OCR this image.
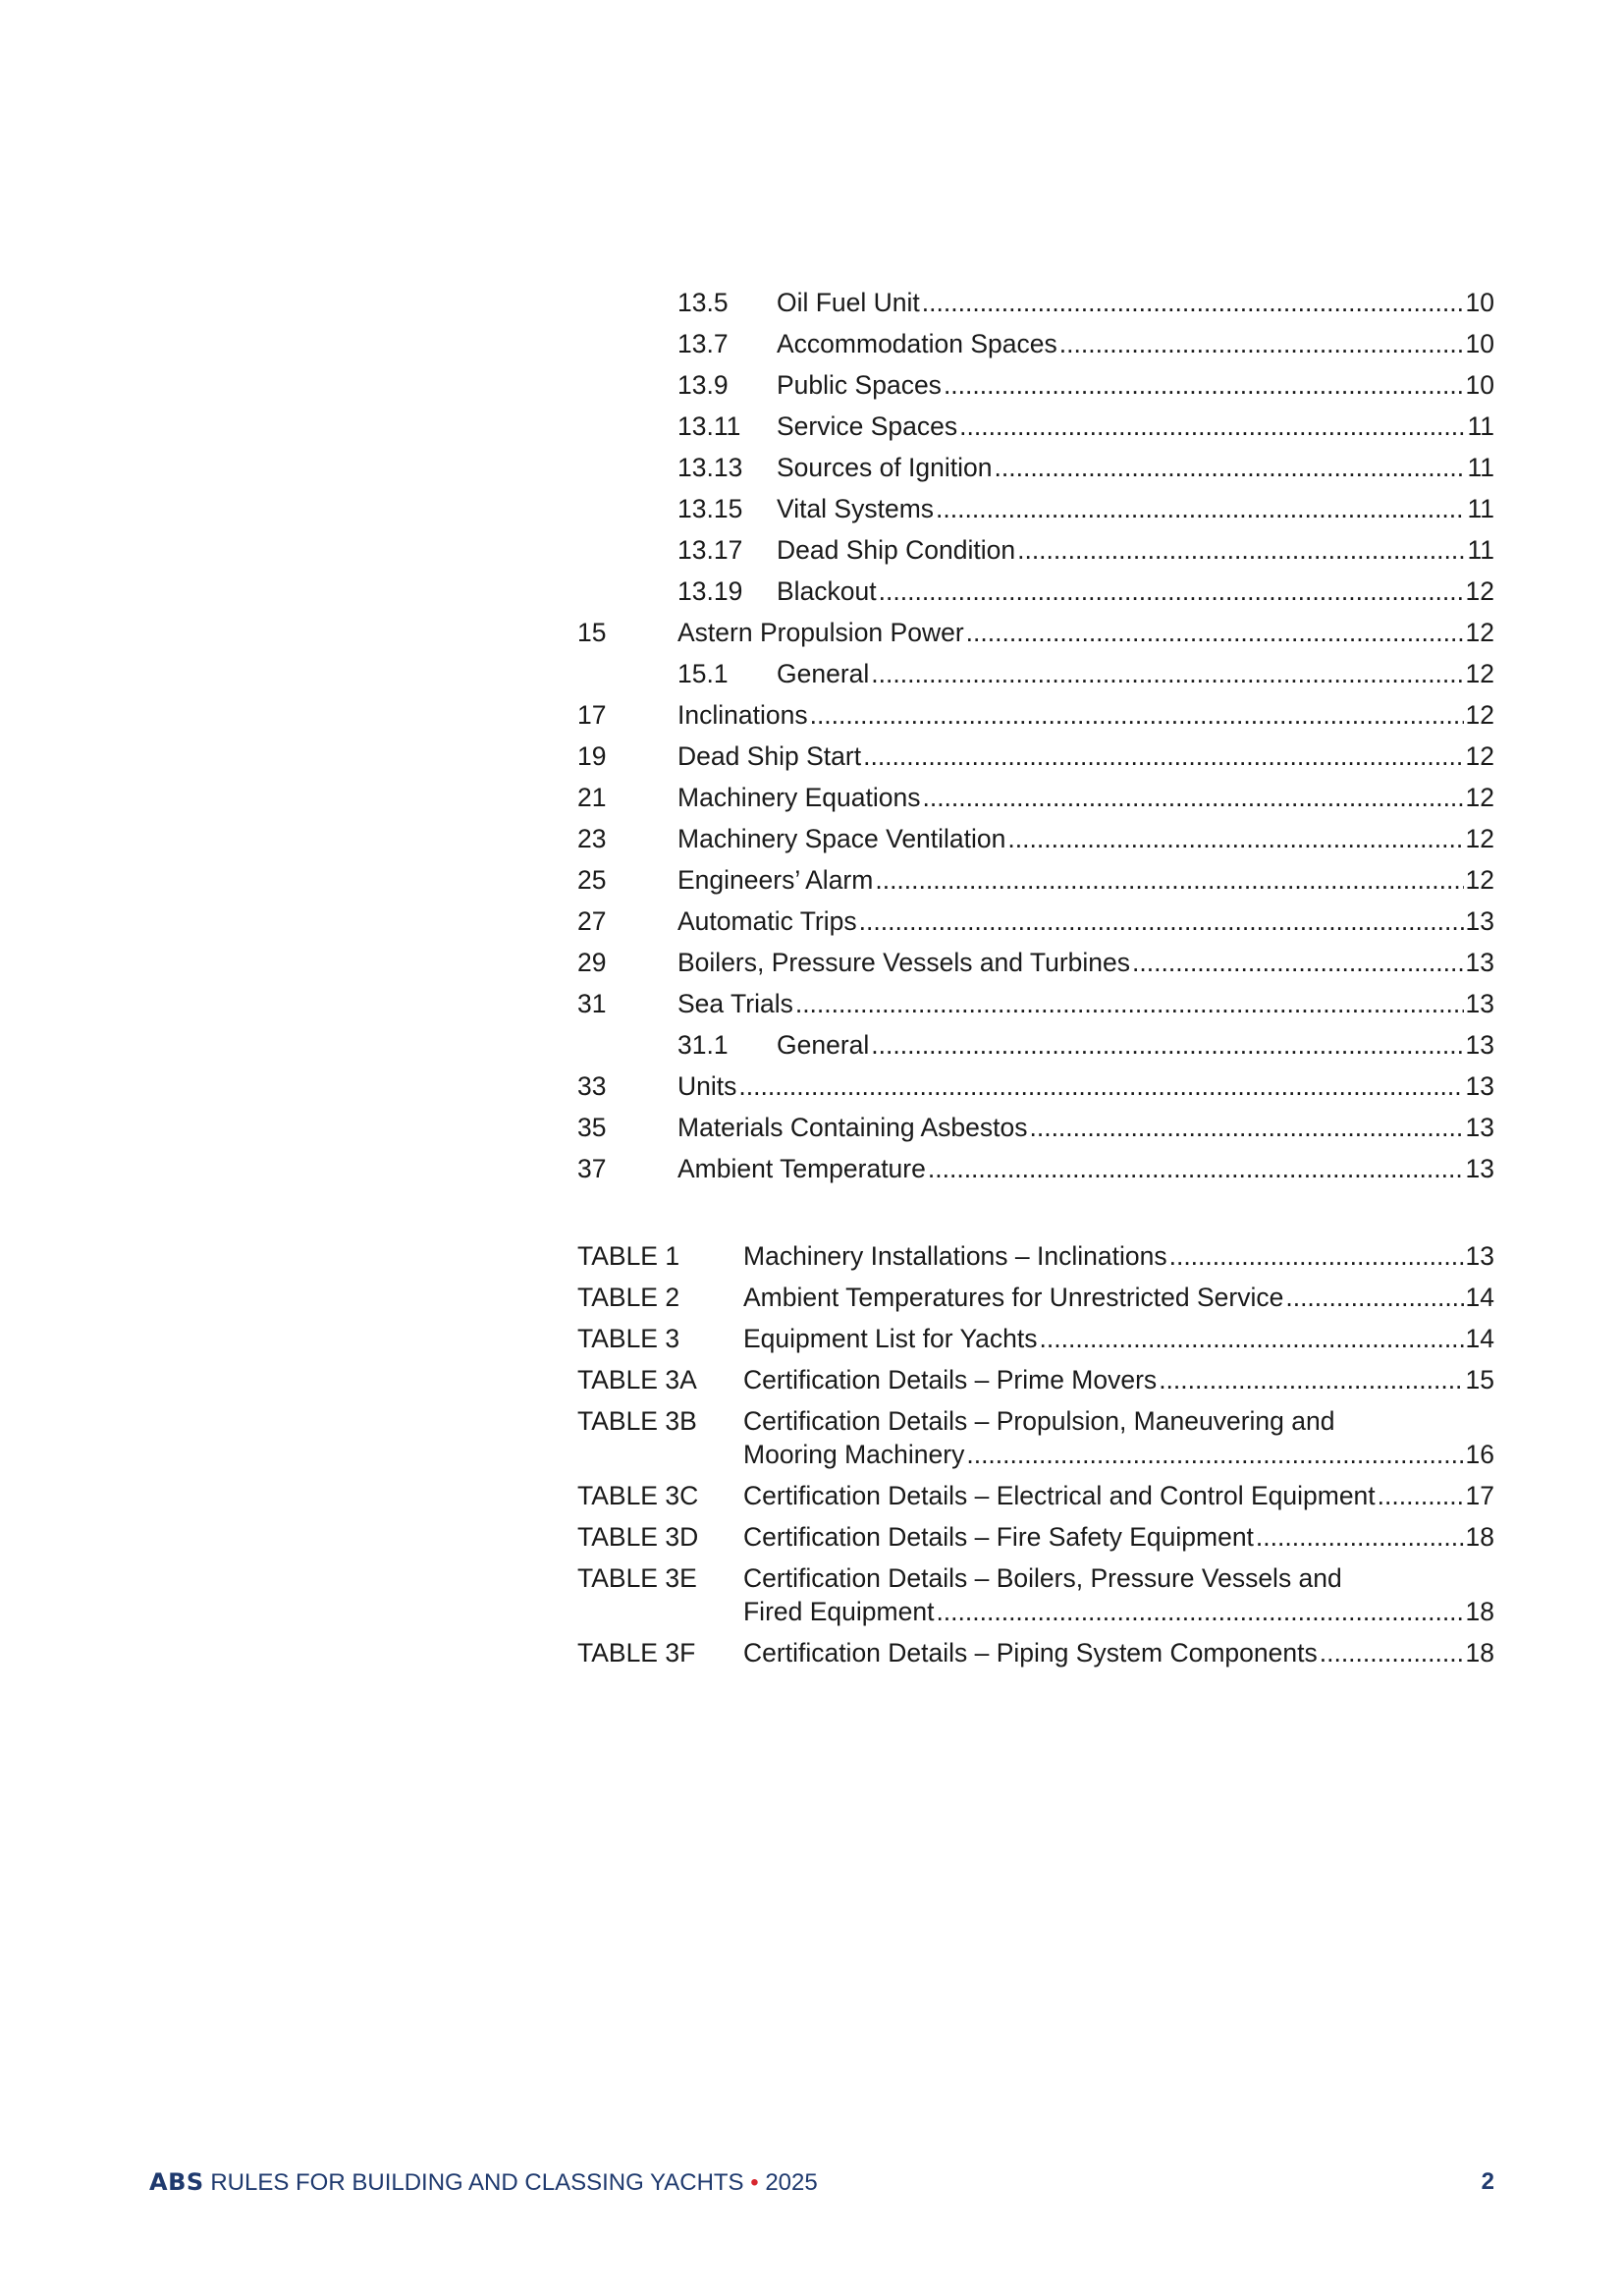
13.5 Oil Fuel Unit .....	10
13.7 Accommodation Spaces .....	10
13.9 Public Spaces .....	10
13.11 Service Spaces .....	11
13.13 Sources of Ignition .....	11
13.15 Vital Systems .....	11
13.17 Dead Ship Condition .....	11
13.19 Blackout .....	12
15	Astern Propulsion Power .....	12
15.1 General .....	12
17	Inclinations .....	12
19	Dead Ship Start .....	12
21	Machinery Equations .....	12
23	Machinery Space Ventilation .....	12
25	Engineers’ Alarm .....	12
27	Automatic Trips .....	13
29	Boilers, Pressure Vessels and Turbines .....	13
31	Sea Trials .....	13
31.1 General .....	13
33	Units .....	13
35	Materials Containing Asbestos .....	13
37	Ambient Temperature .....	13
TABLE 1 Machinery Installations – Inclinations .....	13
TABLE 2 Ambient Temperatures for Unrestricted Service .....	14
TABLE 3 Equipment List for Yachts .....	14
TABLE 3A Certification Details – Prime Movers .....	15
TABLE 3B Certification Details – Propulsion, Maneuvering and
Mooring Machinery .....	16
TABLE 3C Certification Details – Electrical and Control Equipment .....	17
TABLE 3D Certification Details – Fire Safety Equipment .....	18
TABLE 3E Certification Details – Boilers, Pressure Vessels and
Fired Equipment .....	18
TABLE 3F Certification Details – Piping System Components .....	18
ABS RULES FOR BUILDING AND CLASSING YACHTS • 2025	2
